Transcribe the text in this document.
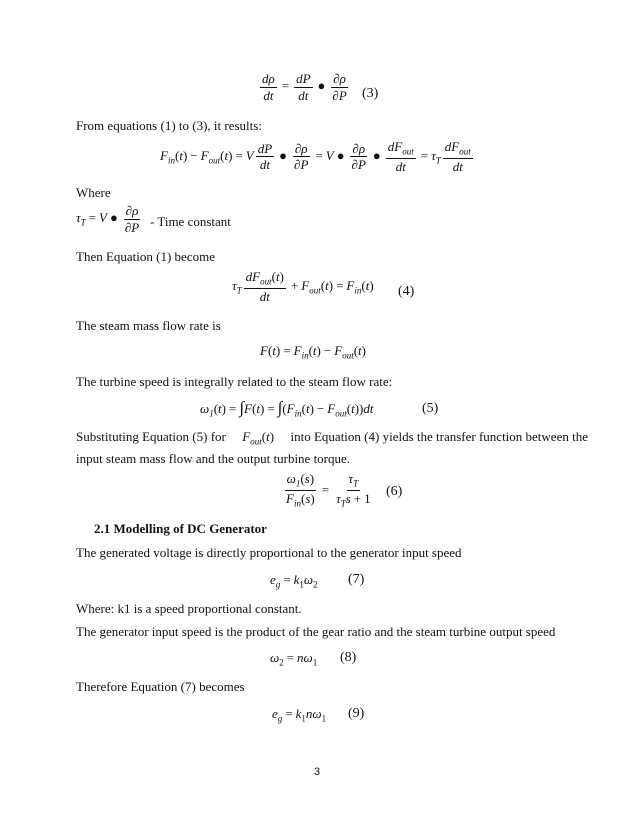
$\frac{d\rho}{dt} = \frac{dP}{dt}$ ● $\frac{\partial\rho}{\partial P} (3)$
From equations (1) to (3), it results:
$F_{in}(t) - F_{out}(t) = V \frac{dP}{dt}$ ● $\frac{\partial\rho}{\partial P} = V$ ● $\frac{\partial\rho}{\partial P}$ ● $\frac{dF_{out}}{dt} = \tau_T \frac{dF_{out}}{dt}$
Where
$\tau_T = V$ ● $\frac{\partial\rho}{\partial P}$ - Time constant
Then Equation (1) become
$\tau_T \frac{dF_{out}(t)}{dt} + F_{out}(t) = F_{in}(t)$ (4)
The steam mass flow rate is
$F(t) = F_{in}(t) - F_{out}(t)$
The turbine speed is integrally related to the steam flow rate:
$\omega_1(t) = \int F(t) = \int(F_{in}(t) - F_{out}(t))dt$	(5)
Substituting Equation (5) for $F_{out}(t)$ into Equation (4) yields the transfer function between the
input steam mass flow and the output turbine torque.
$\frac{\omega_1(s)}{F_{in}(s)} = \frac{\tau_T}{\tau_Ts + 1} (6)$
2.1 Modelling of DC Generator
The generated voltage is directly proportional to the generator input speed
$e_g = k_1\omega_2$ (7)
Where: k1 is a speed proportional constant.
The generator input speed is the product of the gear ratio and the steam turbine output speed
$\omega_2 = n\omega_1$ (8)
Therefore Equation (7) becomes
$e_g = k_1n\omega_1$ (9)
3
